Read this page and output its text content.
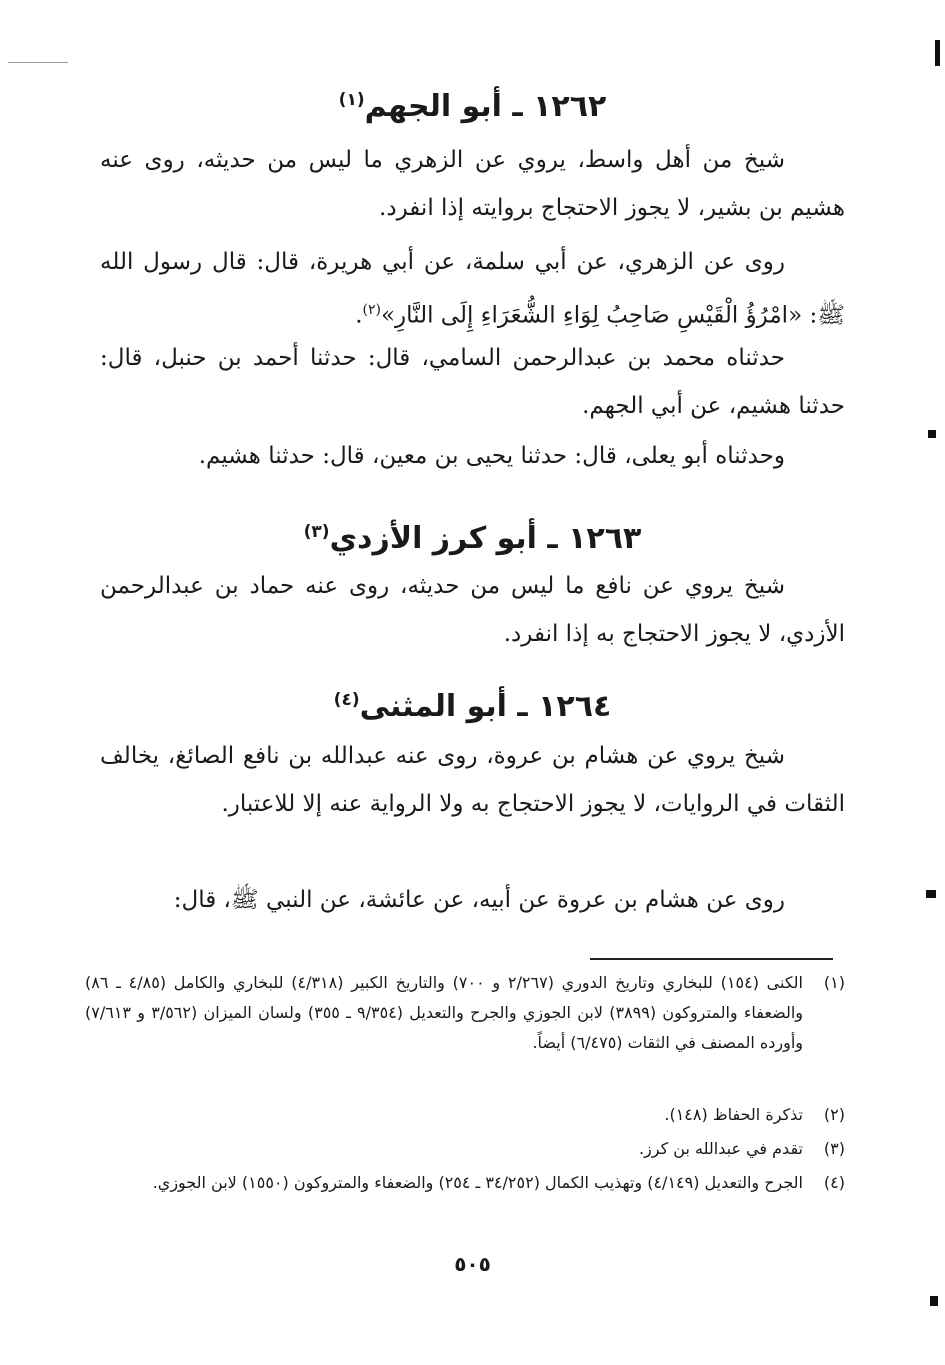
١٢٦٢ ـ أبو الجهم$^{(١)}$
شيخ من أهل واسط، يروي عن الزهري ما ليس من حديثه، روى عنه هشيم بن بشير، لا يجوز الاحتجاج بروايته إذا انفرد.
روى عن الزهري، عن أبي سلمة، عن أبي هريرة، قال: قال رسول الله ﷺ: «امْرُؤُ الْقَيْسِ صَاحِبُ لِوَاءِ الشُّعَرَاءِ إِلَى النَّارِ»$^{(٢)}$.
حدثناه محمد بن عبدالرحمن السامي، قال: حدثنا أحمد بن حنبل، قال: حدثنا هشيم، عن أبي الجهم.
وحدثناه أبو يعلى، قال: حدثنا يحيى بن معين، قال: حدثنا هشيم.
١٢٦٣ ـ أبو كرز الأزدي$^{(٣)}$
شيخ يروي عن نافع ما ليس من حديثه، روى عنه حماد بن عبدالرحمن الأزدي، لا يجوز الاحتجاج به إذا انفرد.
١٢٦٤ ـ أبو المثنى$^{(٤)}$
شيخ يروي عن هشام بن عروة، روى عنه عبدالله بن نافع الصائغ، يخالف الثقات في الروايات، لا يجوز الاحتجاج به ولا الرواية عنه إلا للاعتبار.
روى عن هشام بن عروة عن أبيه، عن عائشة، عن النبي ﷺ، قال:
(١)
الكنى (١٥٤) للبخاري وتاريخ الدوري (٢/٢٦٧ و ٧٠٠) والتاريخ الكبير (٤/٣١٨) للبخاري والكامل (٤/٨٥ ـ ٨٦) والضعفاء والمتروكون (٣٨٩٩) لابن الجوزي والجرح والتعديل (٩/٣٥٤ ـ ٣٥٥) ولسان الميزان (٣/٥٦٢ و ٧/٦١٣) وأورده المصنف في الثقات (٦/٤٧٥) أيضاً.
(٢)
تذكرة الحفاظ (١٤٨).
(٣)
تقدم في عبدالله بن كرز.
(٤)
الجرح والتعديل (٤/١٤٩) وتهذيب الكمال (٣٤/٢٥٢ ـ ٢٥٤) والضعفاء والمتروكون (١٥٥٠) لابن الجوزي.
٥٠٥
